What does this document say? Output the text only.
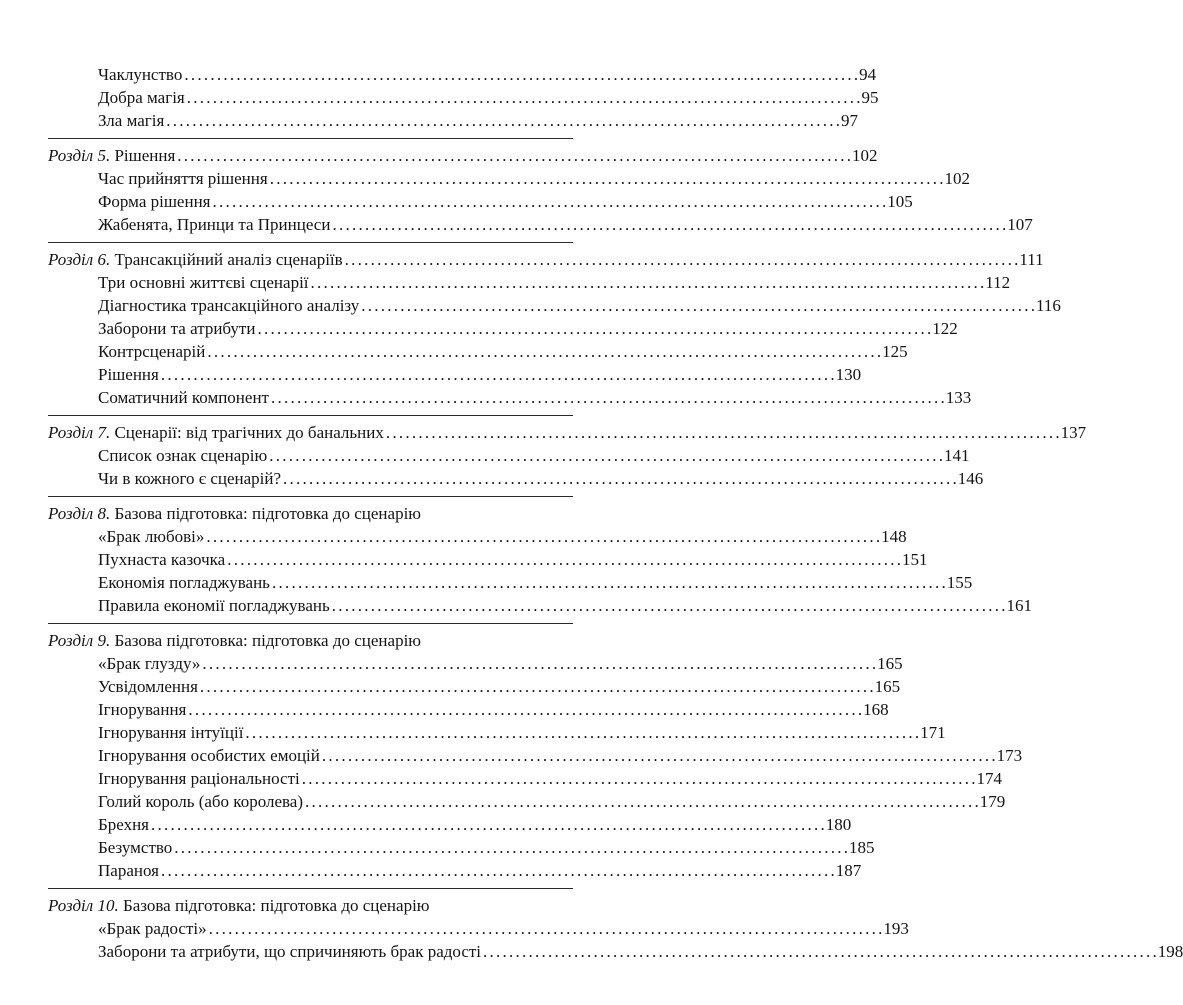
Чаклунство . . .	94
Добра магія . . .	95
Зла магія . . .	97
Розділ 5. Рішення . . .	102
Час прийняття рішення . . .	102
Форма рішення . . .	105
Жабенята, Принци та Принцеси . . .	107
Розділ 6. Трансакційний аналіз сценаріїв . . .	111
Три основні життєві сценарії . . .	112
Діагностика трансакційного аналізу . . .	116
Заборони та атрибути . . .	122
Контрсценарій . . .	125
Рішення . . .	130
Соматичний компонент . . .	133
Розділ 7. Сценарії: від трагічних до банальних . . .	137
Список ознак сценарію . . .	141
Чи в кожного є сценарій? . . .	146
Розділ 8. Базова підготовка: підготовка до сценарію
«Брак любові» . . .	148
Пухнаста казочка . . .	151
Економія погладжувань . . .	155
Правила економії погладжувань . . .	161
Розділ 9. Базова підготовка: підготовка до сценарію
«Брак глузду» . . .	165
Усвідомлення . . .	165
Ігнорування . . .	168
Ігнорування інтуїції . . .	171
Ігнорування особистих емоцій . . .	173
Ігнорування раціональності . . .	174
Голий король (або королева) . . .	179
Брехня . . .	180
Безумство . . .	185
Параноя . . .	187
Розділ 10. Базова підготовка: підготовка до сценарію
«Брак радості» . . .	193
Заборони та атрибути, що спричиняють брак радості . . .	198
